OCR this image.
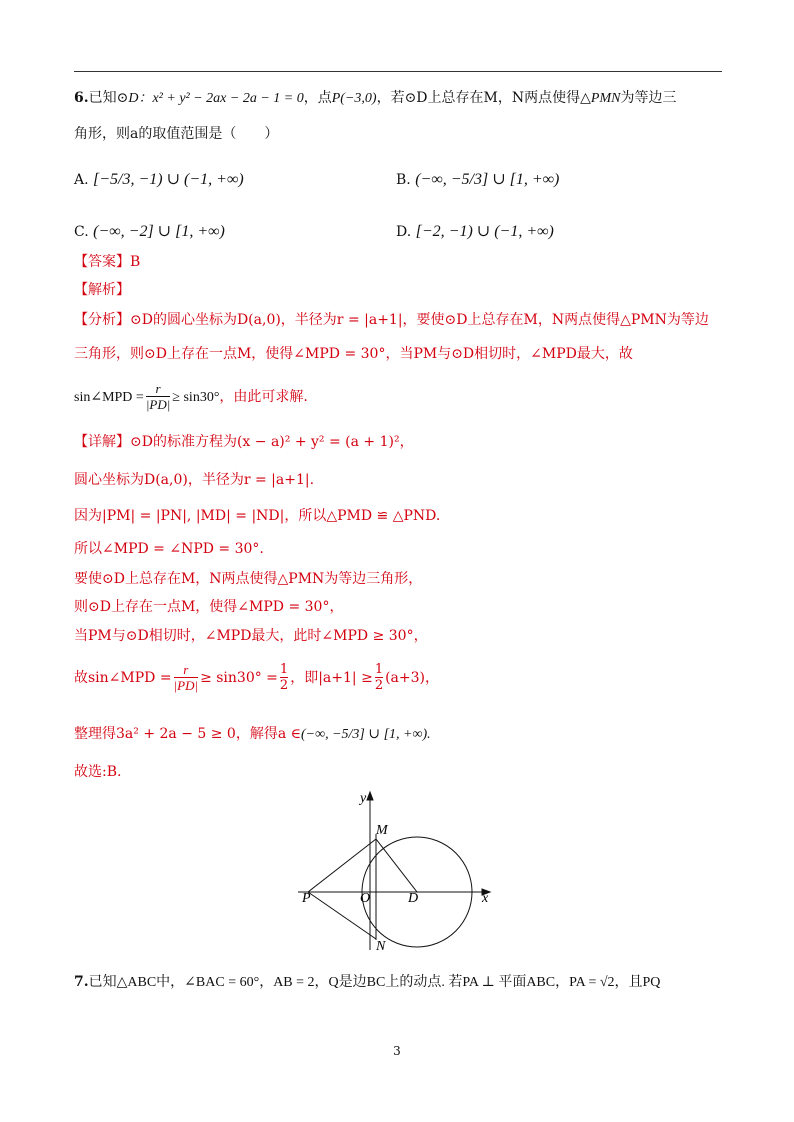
6.已知⊙D：x² + y² − 2ax − 2a − 1 = 0，点P(−3,0)，若⊙D上总存在M，N两点使得△PMN为等边三
角形，则a的取值范围是（　　）
A. [−5/3, −1) ∪ (−1, +∞)	B. (−∞, −5/3] ∪ [1, +∞)
C. (−∞, −2] ∪ [1, +∞)	D. [−2, −1) ∪ (−1, +∞)
【答案】B
【解析】
【分析】⊙D的圆心坐标为D(a,0)，半径为r = |a+1|，要使⊙D上总存在M，N两点使得△PMN为等边
三角形，则⊙D上存在一点M，使得∠MPD = 30°，当PM与⊙D相切时，∠MPD最大，故
sin∠MPD = $\frac{r}{|PD|} \ge \sin 30^\circ$，由此可求解.
【详解】⊙D的标准方程为(x − a)² + y² = (a + 1)²，
圆心坐标为D(a,0)，半径为r = |a+1|.
因为|PM| = |PN|, |MD| = |ND|，所以△PMD ≌ △PND.
所以∠MPD = ∠NPD = 30°.
要使⊙D上总存在M，N两点使得△PMN为等边三角形，
则⊙D上存在一点M，使得∠MPD = 30°，
当PM与⊙D相切时，∠MPD最大，此时∠MPD ≥ 30°，
故sin∠MPD = $\frac{r}{|PD|} \ge \sin 30^\circ = \frac{1}{2}$ ，即$|a+1| \ge \frac{1}{2} (a+3)$，
整理得3a² + 2a − 5 ≥ 0，解得a ∈(−∞, −5/3] ∪ [1, +∞).
故选:B.
y
x
M
N
P	O	D
7.已知△ABC中，∠BAC = 60°，AB = 2，Q是边BC上的动点. 若PA ⊥ 平面ABC，PA = √2，且PQ
3
